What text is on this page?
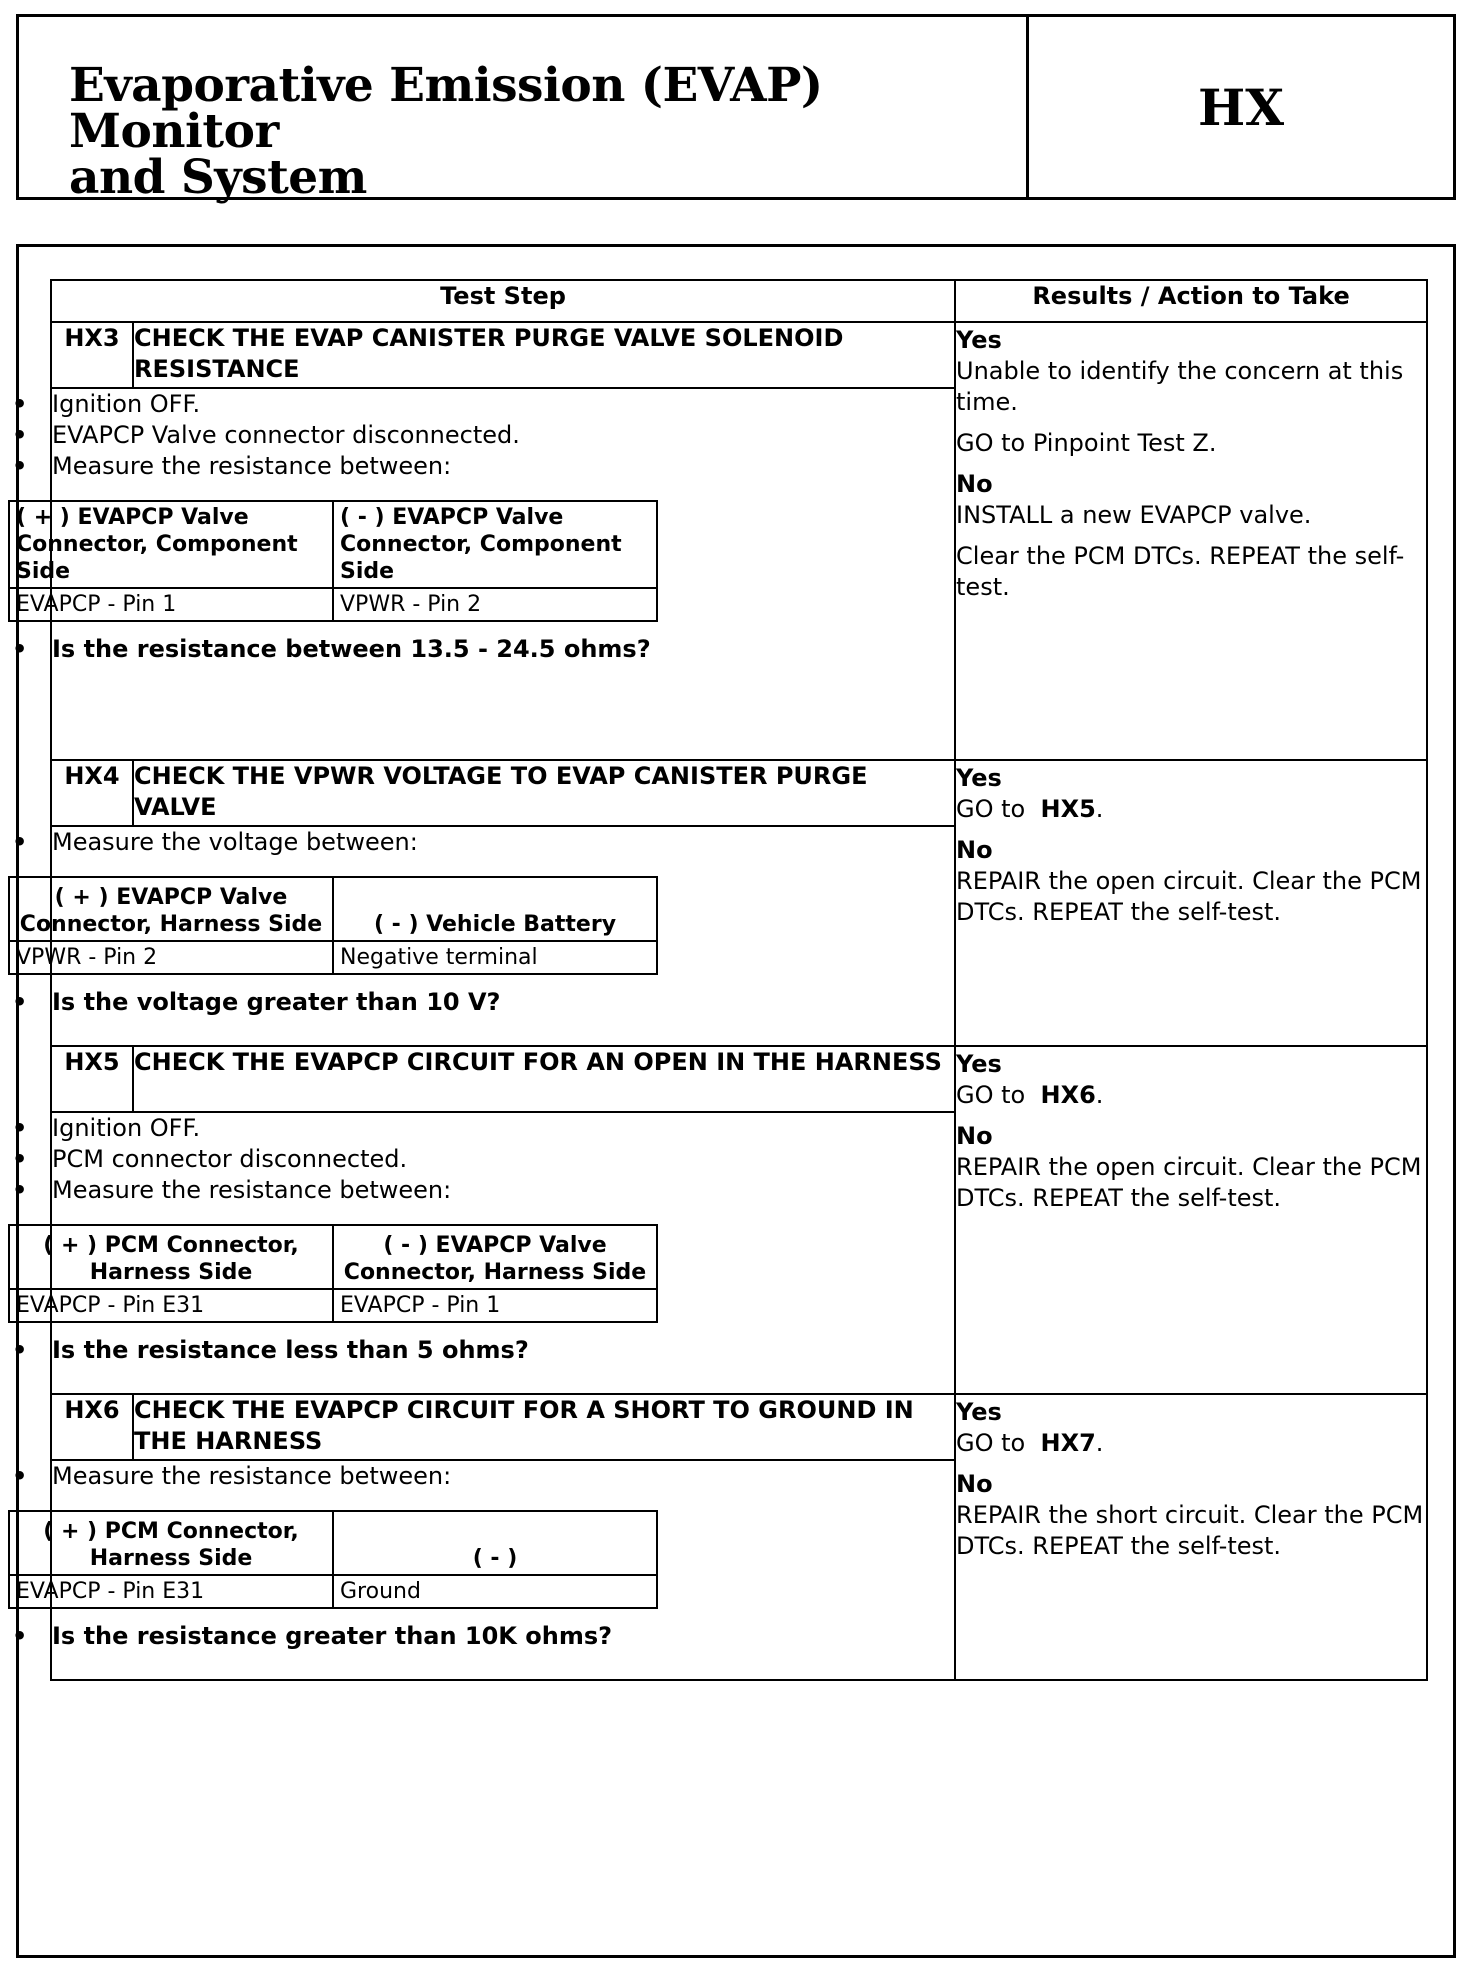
Evaporative Emission (EVAP) Monitor
and System
HX
Test Step	Results / Action to Take
HX3	CHECK THE EVAP CANISTER PURGE VALVE SOLENOID RESISTANCE	
Yes
Unable to identify the concern at this time.
GO to Pinpoint Test Z.
No
INSTALL a new EVAPCP valve.
Clear the PCM DTCs. REPEAT the self-test.

• Ignition OFF.
• EVAPCP Valve connector disconnected.
• Measure the resistance between:
( + ) EVAPCP Valve Connector, Component Side	( - ) EVAPCP Valve Connector, Component Side
EVAPCP - Pin 1	VPWR - Pin 2
• Is the resistance between 13.5 - 24.5 ohms?

HX4	CHECK THE VPWR VOLTAGE TO EVAP CANISTER PURGE VALVE	
Yes
GO to HX5.
No
REPAIR the open circuit. Clear the PCM DTCs. REPEAT the self-test.

• Measure the voltage between:
( + ) EVAPCP Valve Connector, Harness Side	( - ) Vehicle Battery
VPWR - Pin 2	Negative terminal
• Is the voltage greater than 10 V?

HX5	CHECK THE EVAPCP CIRCUIT FOR AN OPEN IN THE HARNESS	Yes
GO to HX6.
No
REPAIR the open circuit. Clear the PCM DTCs. REPEAT the self-test.

• Ignition OFF.
• PCM connector disconnected.
• Measure the resistance between:
( + ) PCM Connector, Harness Side	( - ) EVAPCP Valve Connector, Harness Side
EVAPCP - Pin E31	EVAPCP - Pin 1
• Is the resistance less than 5 ohms?

HX6	CHECK THE EVAPCP CIRCUIT FOR A SHORT TO GROUND IN THE HARNESS	
Yes
GO to HX7.
No
REPAIR the short circuit. Clear the PCM DTCs. REPEAT the self-test.

• Measure the resistance between:
( + ) PCM Connector, Harness Side	( - )
EVAPCP - Pin E31	Ground
• Is the resistance greater than 10K ohms?
